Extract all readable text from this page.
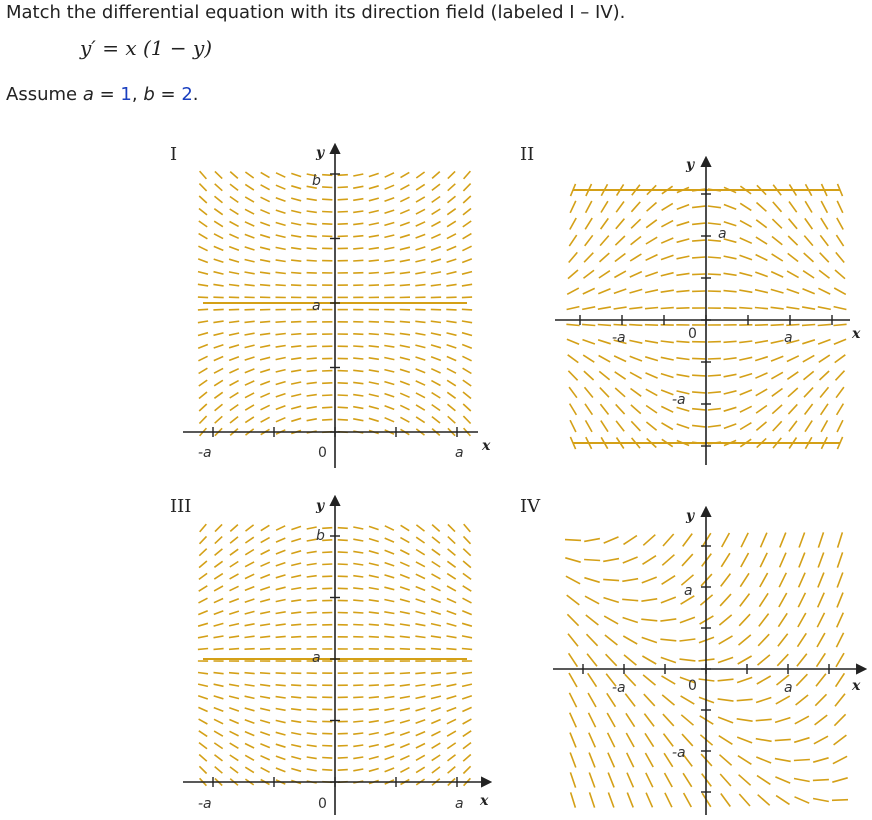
Match the differential equation with its direction field (labeled I – IV).
y′ = x (1 − y)
Assume a = 1, b = 2.
I	y
x
-a	0	a
a
b
II	y
x
-a	0	a
a
-a
III	y
x
-a	0	a
a
b
IV	y
x
-a	0	a
a
-a
